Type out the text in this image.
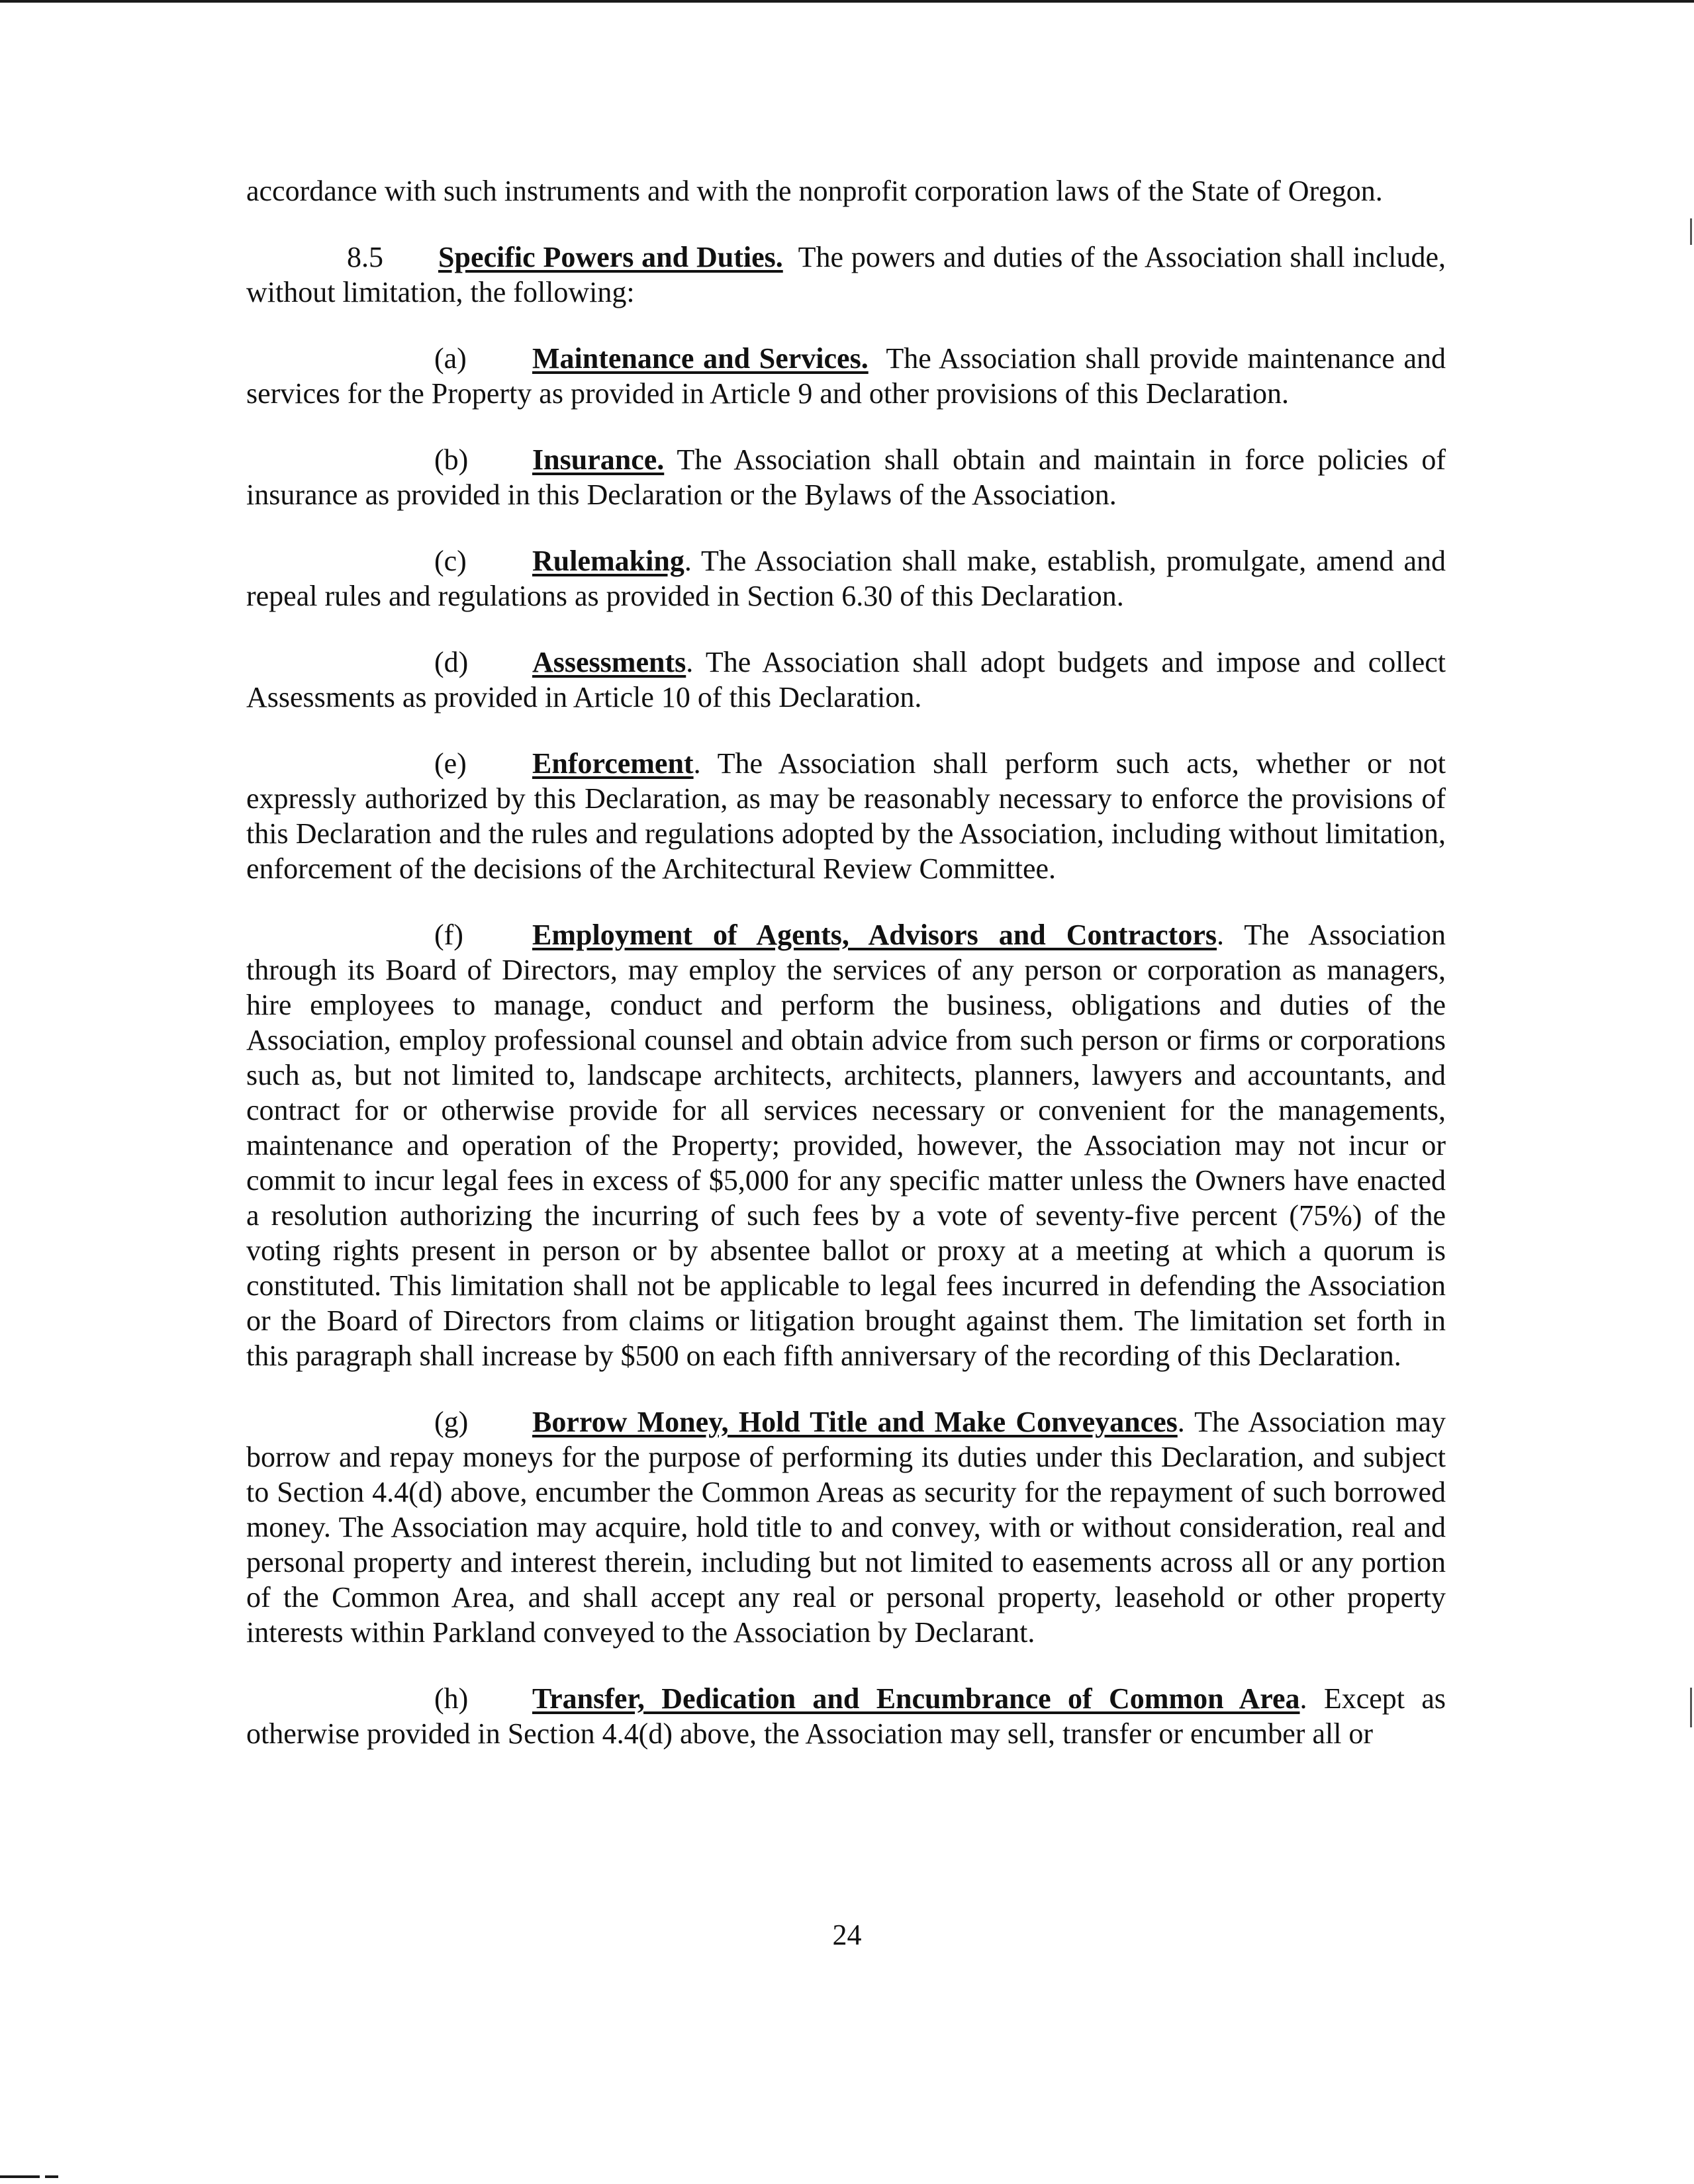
accordance with such instruments and with the nonprofit corporation laws of the State of Oregon.

8.5 Specific Powers and Duties. The powers and duties of the Association shall include, without limitation, the following:

(a) Maintenance and Services. The Association shall provide maintenance and services for the Property as provided in Article 9 and other provisions of this Declaration.

(b) Insurance. The Association shall obtain and maintain in force policies of insurance as provided in this Declaration or the Bylaws of the Association.

(c) Rulemaking. The Association shall make, establish, promulgate, amend and repeal rules and regulations as provided in Section 6.30 of this Declaration.

(d) Assessments. The Association shall adopt budgets and impose and collect Assessments as provided in Article 10 of this Declaration.

(e) Enforcement. The Association shall perform such acts, whether or not expressly authorized by this Declaration, as may be reasonably necessary to enforce the provisions of this Declaration and the rules and regulations adopted by the Association, including without limitation, enforcement of the decisions of the Architectural Review Committee.

(f) Employment of Agents, Advisors and Contractors. The Association through its Board of Directors, may employ the services of any person or corporation as managers, hire employees to manage, conduct and perform the business, obligations and duties of the Association, employ professional counsel and obtain advice from such person or firms or corporations such as, but not limited to, landscape architects, architects, planners, lawyers and accountants, and contract for or otherwise provide for all services necessary or convenient for the managements, maintenance and operation of the Property; provided, however, the Association may not incur or commit to incur legal fees in excess of $5,000 for any specific matter unless the Owners have enacted a resolution authorizing the incurring of such fees by a vote of seventy-five percent (75%) of the voting rights present in person or by absentee ballot or proxy at a meeting at which a quorum is constituted. This limitation shall not be applicable to legal fees incurred in defending the Association or the Board of Directors from claims or litigation brought against them. The limitation set forth in this paragraph shall increase by $500 on each fifth anniversary of the recording of this Declaration.

(g) Borrow Money, Hold Title and Make Conveyances. The Association may borrow and repay moneys for the purpose of performing its duties under this Declaration, and subject to Section 4.4(d) above, encumber the Common Areas as security for the repayment of such borrowed money. The Association may acquire, hold title to and convey, with or without consideration, real and personal property and interest therein, including but not limited to easements across all or any portion of the Common Area, and shall accept any real or personal property, leasehold or other property interests within Parkland conveyed to the Association by Declarant.

(h) Transfer, Dedication and Encumbrance of Common Area. Except as otherwise provided in Section 4.4(d) above, the Association may sell, transfer or encumber all or

24
